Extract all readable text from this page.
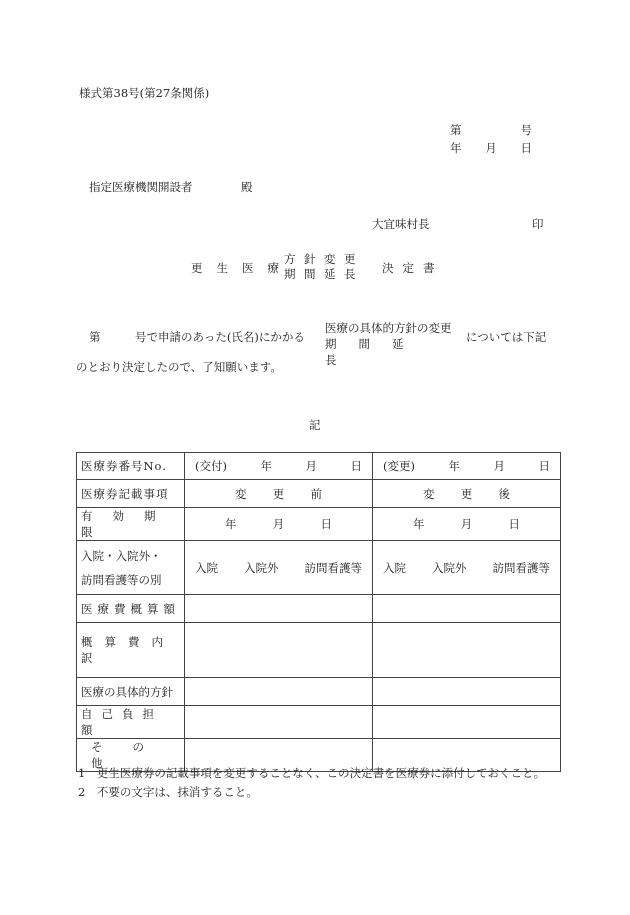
様式第38号(第27条関係)
第	号
年 月 日
指定医療機関開設者	殿
大宜味村長	印
更生医療
方針変更
期間延長	決定書
第	号で申請のあった(氏名)にかかる
医療の具体的方針の変更
期間延長
については下記
のとおり決定したので、了知願います。
記
医療券番号No.	(交付) 年 月 日	(変更) 年 月 日

医療券記載事項	変 更 前	変 更 後

有効期限	年 月 日	年 月 日

入院・入院外・
訪問看護等の別	入院 入院外 訪問看護等	入院 入院外 訪問看護等

医療費概算額		

概算費内訳		

医療の具体的方針		

自己負担額		

その他		

1　更生医療券の記載事項を変更することなく、この決定書を医療券に添付しておくこと。
2　不要の文字は、抹消すること。
